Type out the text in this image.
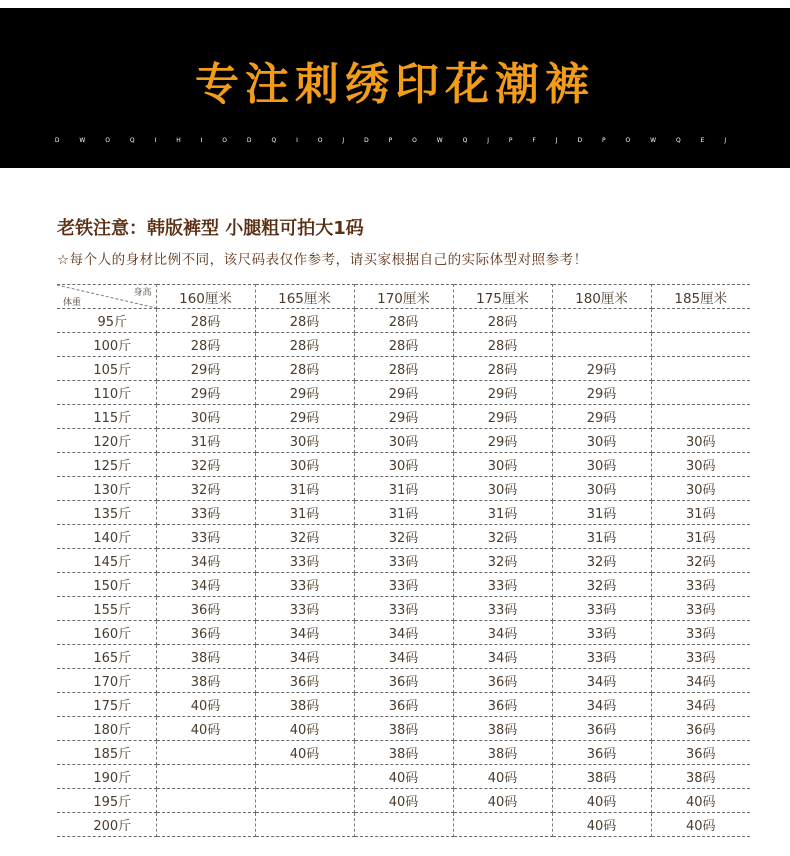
专注刺绣印花潮裤
D W O Q I H I O D Q I O J D P O W Q J P F J D P O W Q E J
老铁注意：韩版裤型 小腿粗可拍大1码
☆每个人的身材比例不同，该尺码表仅作参考，请买家根据自己的实际体型对照参考！
身高
体重	160厘米	165厘米	170厘米	175厘米	180厘米	185厘米
95斤	28码	28码	28码	28码		
100斤	28码	28码	28码	28码		
105斤	29码	28码	28码	28码	29码	
110斤	29码	29码	29码	29码	29码	
115斤	30码	29码	29码	29码	29码	
120斤	31码	30码	30码	29码	30码	30码
125斤	32码	30码	30码	30码	30码	30码
130斤	32码	31码	31码	30码	30码	30码
135斤	33码	31码	31码	31码	31码	31码
140斤	33码	32码	32码	32码	31码	31码
145斤	34码	33码	33码	32码	32码	32码
150斤	34码	33码	33码	33码	32码	33码
155斤	36码	33码	33码	33码	33码	33码
160斤	36码	34码	34码	34码	33码	33码
165斤	38码	34码	34码	34码	33码	33码
170斤	38码	36码	36码	36码	34码	34码
175斤	40码	38码	36码	36码	34码	34码
180斤	40码	40码	38码	38码	36码	36码
185斤		40码	38码	38码	36码	36码
190斤			40码	40码	38码	38码
195斤			40码	40码	40码	40码
200斤					40码	40码
